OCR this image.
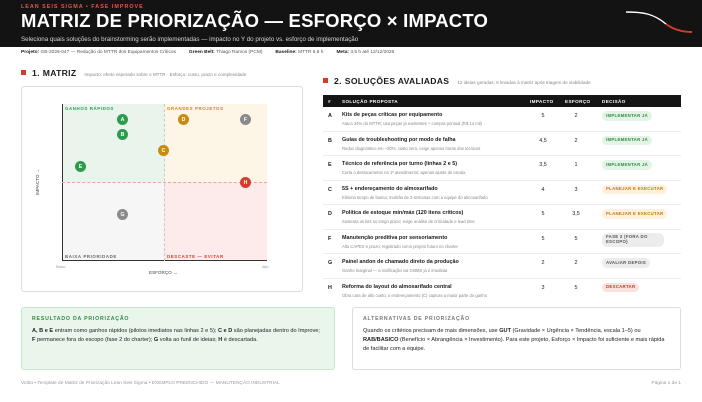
LEAN SEIS SIGMA • FASE IMPROVE
MATRIZ DE PRIORIZAÇÃO — ESFORÇO × IMPACTO
Seleciona quais soluções do brainstorming serão implementadas — impacto no Y do projeto vs. esforço de implementação
Projeto: GB-2026-047 — Redução do MTTR dos Equipamentos Críticos	Green Belt: Thiago Ramos (PCM)	Baseline: MTTR 6,8 h	Meta: 3,5 h até 12/12/2026
1. MATRIZ Impacto: efeito esperado sobre o MTTR · Esforço: custo, prazo e complexidade
GANHOS RÁPIDOS	GRANDES PROJETOS
BAIXA PRIORIDADE	DESCASTE — EVITAR
A
B
D	F
C
E
H
G
IMPACTO →
Baixo	Alto
ESFORÇO →
2. SOLUÇÕES AVALIADAS 12 ideias geradas; 8 levadas à matriz após triagem de viabilidade
# SOLUÇÃO PROPOSTA	IMPACTO ESFORÇO DECISÃO
A Kits de peças críticas por equipamento
Ataca 34% do MTTR; usa peças já existentes + compra pontual (R$ 14 mil)
5	2	IMPLEMENTAR JÁ
B Guias de troubleshooting por modo de falha
Reduz diagnóstico em ~30%; custo zero, exige apenas horas dos técnicos
4,5	2	IMPLEMENTAR JÁ
E Técnico de referência por turno (linhas 2 e 5)
Corta o deslocamento no 1º atendimento; apenas ajuste de escala
3,5	1	IMPLEMENTAR JÁ
C 5S + endereçamento do almoxarifado
Elimina tempo de busca; mutirão de 3 semanas com a equipe do almoxarifado
4	3	PLANEJAR E EXECUTAR
D Política de estoque mín/máx (120 itens críticos)
Sustenta os kits no longo prazo; exige análise de criticidade e lead time
5	3,5	PLANEJAR E EXECUTAR
F Manutenção preditiva por sensoriamento
Alto CAPEX e prazo; registrado como projeto futuro no charter
5	5	FASE 2 (FORA DO ESCOPO)
G Painel andon de chamado direto da produção
Ganho marginal — a notificação via CMMS já é imediata
2	2	AVALIAR DEPOIS
H Reforma do layout do almoxarifado central
Obra cara de alto custo; o endereçamento (C) captura a maior parte do ganho
3	5	DESCARTAR
RESULTADO DA PRIORIZAÇÃO
A, B e E entram como ganhos rápidos (pilotos imediatos nas linhas 2 e 5); C e D são planejadas dentro do Improve; F permanece fora do escopo (fase 2 do charter); G volta ao funil de ideias; H é descartada.
ALTERNATIVAS DE PRIORIZAÇÃO
Quando os critérios precisam de mais dimensões, use GUT (Gravidade × Urgência × Tendência, escala 1–5) ou RAB/BASICO (Benefício × Abrangência × Investimento). Para este projeto, Esforço × Impacto foi suficiente e mais rápida de facilitar com a equipe.
Voitto • Template de Matriz de Priorização Lean Seis Sigma • EXEMPLO PREENCHIDO — MANUTENÇÃO INDUSTRIAL	Página 1 de 1
